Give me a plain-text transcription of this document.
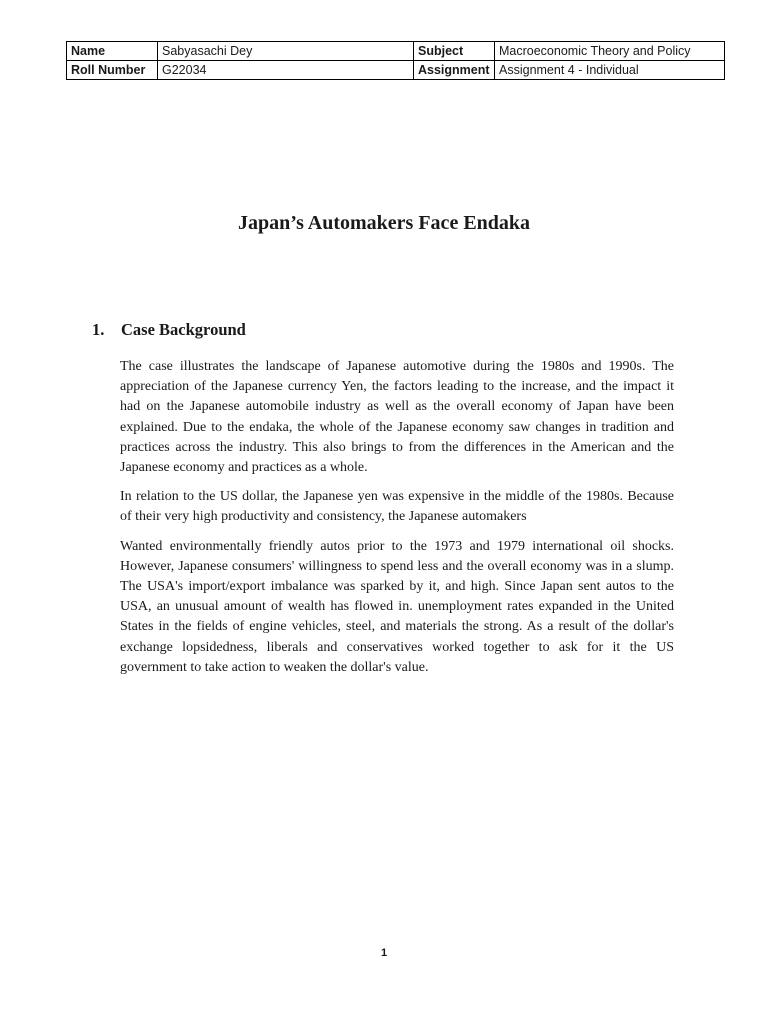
Name	Sabyasachi Dey	Subject	Macroeconomic Theory and Policy
Roll Number	G22034	Assignment	Assignment 4 - Individual
Japan’s Automakers Face Endaka
1. Case Background

The case illustrates the landscape of Japanese automotive during the 1980s and 1990s. The appreciation of the Japanese currency Yen, the factors leading to the increase, and the impact it had on the Japanese automobile industry as well as the overall economy of Japan have been explained. Due to the endaka, the whole of the Japanese economy saw changes in tradition and practices across the industry. This also brings to from the differences in the American and the Japanese economy and practices as a whole.

In relation to the US dollar, the Japanese yen was expensive in the middle of the 1980s. Because of their very high productivity and consistency, the Japanese automakers

Wanted environmentally friendly autos prior to the 1973 and 1979 international oil shocks. However, Japanese consumers' willingness to spend less and the overall economy was in a slump. The USA's import/export imbalance was sparked by it, and high. Since Japan sent autos to the USA, an unusual amount of wealth has flowed in. unemployment rates expanded in the United States in the fields of engine vehicles, steel, and materials the strong. As a result of the dollar's exchange lopsidedness, liberals and conservatives worked together to ask for it the US government to take action to weaken the dollar's value.

1
